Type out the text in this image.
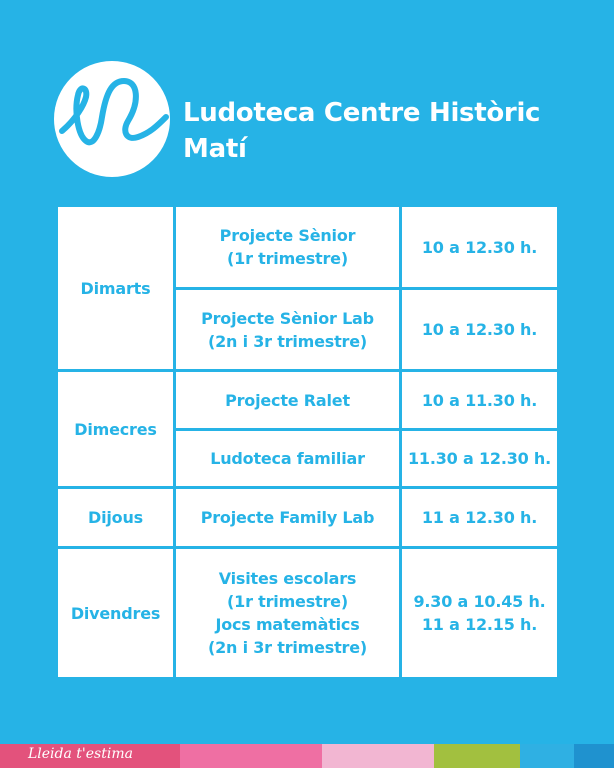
Ludoteca Centre Històric
Matí
Dimarts
Dimecres
Dijous
Divendres
Projecte Sènior
(1r trimestre)
Projecte Sènior Lab
(2n i 3r trimestre)
Projecte Ralet
Ludoteca familiar
Projecte Family Lab
Visites escolars
(1r trimestre)
Jocs matemàtics
(2n i 3r trimestre)
10 a 12.30 h.
10 a 12.30 h.
10 a 11.30 h.
11.30 a 12.30 h.
11 a 12.30 h.
9.30 a 10.45 h.
11 a 12.15 h.
Lleida t'estima
